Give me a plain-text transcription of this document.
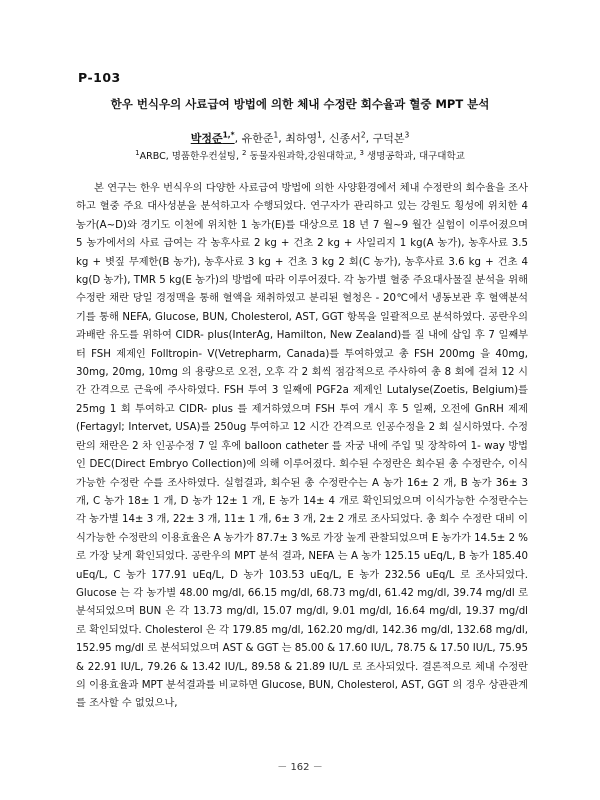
P-103
한우 번식우의 사료급여 방법에 의한 체내 수정란 회수율과 혈중 MPT 분석
박정준$^{1,*}$, 유한준$^1$, 최하영$^1$, 신종서$^2$, 구덕본$^3$
$^1$ARBC, 명품한우컨설팅, $^2$ 동물자원과학,강원대학교, $^3$ 생명공학과, 대구대학교

본 연구는 한우 번식우의 다양한 사료급여 방법에 의한 사양환경에서 체내 수정란의 회수율을 조사하고 혈중 주요 대사성분을 분석하고자 수행되었다. 연구자가 관리하고 있는 강원도 횡성에 위치한 4 농가(A~D)와 경기도 이천에 위치한 1 농가(E)를 대상으로 18 년 7 월~9 월간 실험이 이루어졌으며 5 농가에서의 사료 급여는 각 농후사료 2 kg + 건초 2 kg + 사일리지 1 kg(A 농가), 농후사료 3.5 kg + 볏짚 무제한(B 농가), 농후사료 3 kg + 건초 3 kg 2 회(C 농가), 농후사료 3.6 kg + 건초 4 kg(D 농가), TMR 5 kg(E 농가)의 방법에 따라 이루어졌다. 각 농가별 혈중 주요대사물질 분석을 위해 수정란 채란 당일 경정맥을 통해 혈액을 채취하였고 분리된 혈청은 - 20℃에서 냉동보관 후 혈액분석기를 통해 NEFA, Glucose, BUN, Cholesterol, AST, GGT 항목을 일괄적으로 분석하였다. 공란우의 과배란 유도를 위하여 CIDR- plus(InterAg, Hamilton, New Zealand)를 질 내에 삽입 후 7 일째부터 FSH 제제인 Folltropin- V(Vetrepharm, Canada)를 투여하였고 총 FSH 200mg 을 40mg, 30mg, 20mg, 10mg 의 용량으로 오전, 오후 각 2 회씩 점감적으로 주사하여 총 8 회에 걸쳐 12 시간 간격으로 근육에 주사하였다. FSH 투여 3 일째에 PGF2a 제제인 Lutalyse(Zoetis, Belgium)를 25mg 1 회 투여하고 CIDR- plus 를 제거하였으며 FSH 투여 개시 후 5 일째, 오전에 GnRH 제제(Fertagyl; Intervet, USA)를 250ug 투여하고 12 시간 간격으로 인공수정을 2 회 실시하였다. 수정란의 채란은 2 차 인공수정 7 일 후에 balloon catheter 를 자궁 내에 주입 및 장착하여 1- way 방법인 DEC(Direct Embryo Collection)에 의해 이루어졌다. 회수된 수정란은 회수된 총 수정란수, 이식가능한 수정란 수를 조사하였다. 실험결과, 회수된 총 수정란수는 A 농가 16± 2 개, B 농가 36± 3 개, C 농가 18± 1 개, D 농가 12± 1 개, E 농가 14± 4 개로 확인되었으며 이식가능한 수정란수는 각 농가별 14± 3 개, 22± 3 개, 11± 1 개, 6± 3 개, 2± 2 개로 조사되었다. 총 회수 수정란 대비 이식가능한 수정란의 이용효율은 A 농가가 87.7± 3 %로 가장 높게 관찰되었으며 E 농가가 14.5± 2 %로 가장 낮게 확인되었다. 공란우의 MPT 분석 결과, NEFA 는 A 농가 125.15 uEq/L, B 농가 185.40 uEq/L, C 농가 177.91 uEq/L, D 농가 103.53 uEq/L, E 농가 232.56 uEq/L 로 조사되었다. Glucose 는 각 농가별 48.00 mg/dl, 66.15 mg/dl, 68.73 mg/dl, 61.42 mg/dl, 39.74 mg/dl 로 분석되었으며 BUN 은 각 13.73 mg/dl, 15.07 mg/dl, 9.01 mg/dl, 16.64 mg/dl, 19.37 mg/dl 로 확인되었다. Cholesterol 은 각 179.85 mg/dl, 162.20 mg/dl, 142.36 mg/dl, 132.68 mg/dl, 152.95 mg/dl 로 분석되었으며 AST & GGT 는 85.00 & 17.60 IU/L, 78.75 & 17.50 IU/L, 75.95 & 22.91 IU/L, 79.26 & 13.42 IU/L, 89.58 & 21.89 IU/L 로 조사되었다. 결론적으로 체내 수정란의 이용효율과 MPT 분석결과를 비교하면 Glucose, BUN, Cholesterol, AST, GGT 의 경우 상관관계를 조사할 수 없었으나,

－ 162 －
